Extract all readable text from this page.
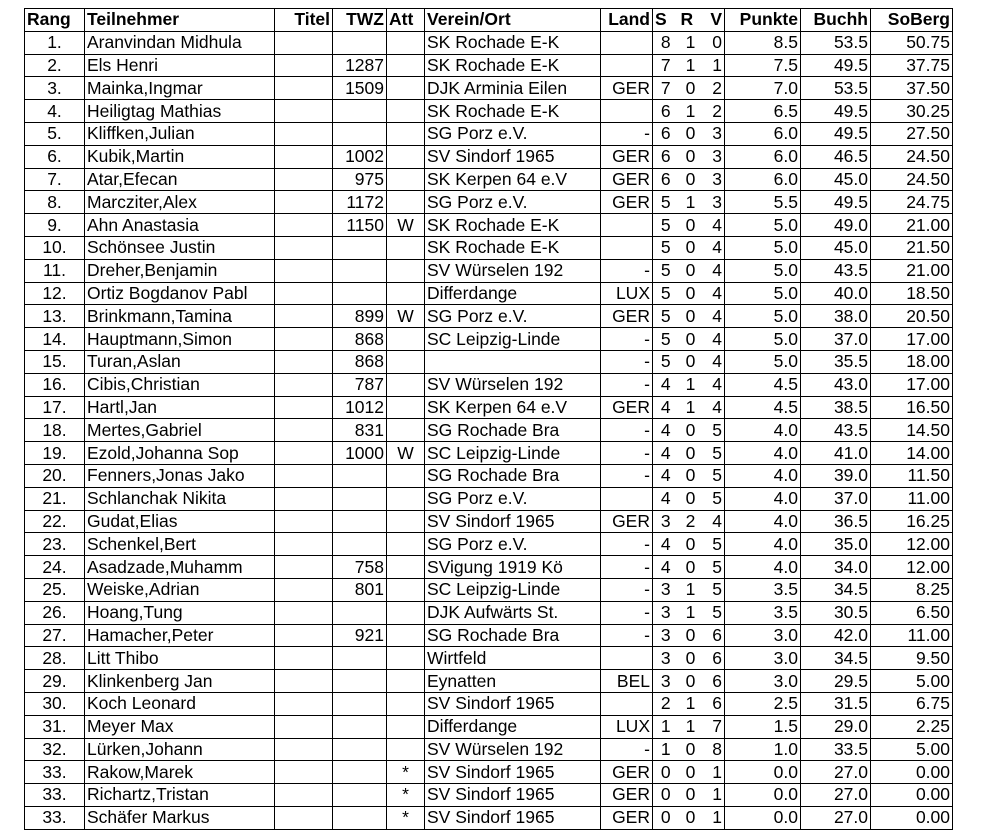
Rang	Teilnehmer	Titel	TWZ	Att	Verein/Ort	Land	S	R	V	Punkte	Buchh	SoBerg
1.	Aranvindan Midhula				SK Rochade E-K		8	1	0	8.5	53.5	50.75
2.	Els Henri		1287		SK Rochade E-K		7	1	1	7.5	49.5	37.75
3.	Mainka,Ingmar		1509		DJK Arminia Eilen	GER	7	0	2	7.0	53.5	37.50
4.	Heiligtag Mathias				SK Rochade E-K		6	1	2	6.5	49.5	30.25
5.	Kliffken,Julian				SG Porz e.V.	-	6	0	3	6.0	49.5	27.50
6.	Kubik,Martin		1002		SV Sindorf 1965	GER	6	0	3	6.0	46.5	24.50
7.	Atar,Efecan		975		SK Kerpen 64 e.V	GER	6	0	3	6.0	45.0	24.50
8.	Marcziter,Alex		1172		SG Porz e.V.	GER	5	1	3	5.5	49.5	24.75
9.	Ahn Anastasia		1150	W	SK Rochade E-K		5	0	4	5.0	49.0	21.00
10.	Schönsee Justin				SK Rochade E-K		5	0	4	5.0	45.0	21.50
11.	Dreher,Benjamin				SV Würselen 192	-	5	0	4	5.0	43.5	21.00
12.	Ortiz Bogdanov Pabl				Differdange	LUX	5	0	4	5.0	40.0	18.50
13.	Brinkmann,Tamina		899	W	SG Porz e.V.	GER	5	0	4	5.0	38.0	20.50
14.	Hauptmann,Simon		868		SC Leipzig-Linde	-	5	0	4	5.0	37.0	17.00
15.	Turan,Aslan		868			-	5	0	4	5.0	35.5	18.00
16.	Cibis,Christian		787		SV Würselen 192	-	4	1	4	4.5	43.0	17.00
17.	Hartl,Jan		1012		SK Kerpen 64 e.V	GER	4	1	4	4.5	38.5	16.50
18.	Mertes,Gabriel		831		SG Rochade Bra	-	4	0	5	4.0	43.5	14.50
19.	Ezold,Johanna Sop		1000	W	SC Leipzig-Linde	-	4	0	5	4.0	41.0	14.00
20.	Fenners,Jonas Jako				SG Rochade Bra	-	4	0	5	4.0	39.0	11.50
21.	Schlanchak Nikita				SG Porz e.V.		4	0	5	4.0	37.0	11.00
22.	Gudat,Elias				SV Sindorf 1965	GER	3	2	4	4.0	36.5	16.25
23.	Schenkel,Bert				SG Porz e.V.	-	4	0	5	4.0	35.0	12.00
24.	Asadzade,Muhamm		758		SVigung 1919 Kö	-	4	0	5	4.0	34.0	12.00
25.	Weiske,Adrian		801		SC Leipzig-Linde	-	3	1	5	3.5	34.5	8.25
26.	Hoang,Tung				DJK Aufwärts St.	-	3	1	5	3.5	30.5	6.50
27.	Hamacher,Peter		921		SG Rochade Bra	-	3	0	6	3.0	42.0	11.00
28.	Litt Thibo				Wirtfeld		3	0	6	3.0	34.5	9.50
29.	Klinkenberg Jan				Eynatten	BEL	3	0	6	3.0	29.5	5.00
30.	Koch Leonard				SV Sindorf 1965		2	1	6	2.5	31.5	6.75
31.	Meyer Max				Differdange	LUX	1	1	7	1.5	29.0	2.25
32.	Lürken,Johann				SV Würselen 192	-	1	0	8	1.0	33.5	5.00
33.	Rakow,Marek			*	SV Sindorf 1965	GER	0	0	1	0.0	27.0	0.00
33.	Richartz,Tristan			*	SV Sindorf 1965	GER	0	0	1	0.0	27.0	0.00
33.	Schäfer Markus			*	SV Sindorf 1965	GER	0	0	1	0.0	27.0	0.00
